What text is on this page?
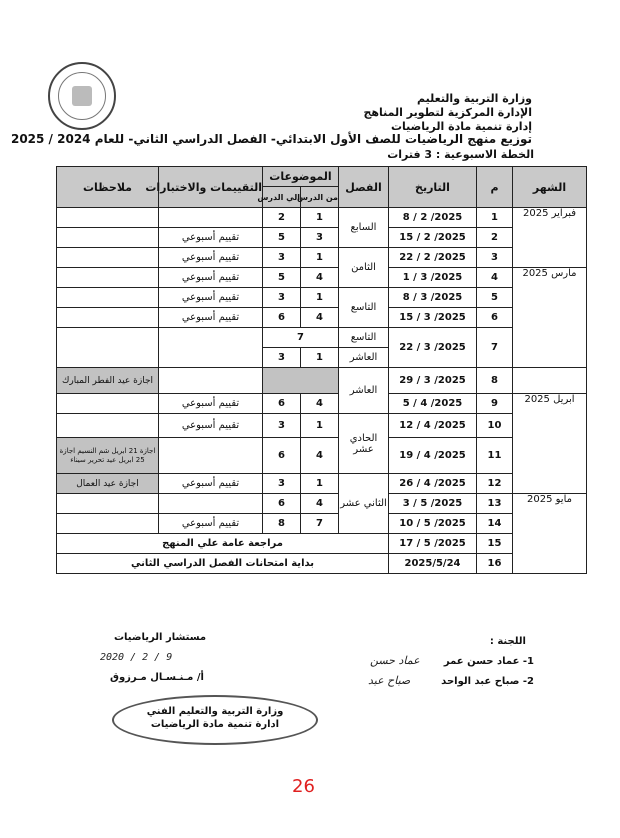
وزارة التربية والتعليم
الإدارة المركزية لتطوير المناهج
إدارة تنمية مادة الرياضيات
توزيع منهج الرياضيات للصف الأول الابتدائي- الفصل الدراسي الثاني- للعام 2024 / 2025
الخطة الاسبوعية : 3 فترات
الشهر	م	التاريخ	الفصل	الموضوعات		التقييمات والاختبارات	ملاحظات
				من الدرس	الي الدرس		
فبراير 2025	1	2025/ 2 / 8	السابع	1	2		
	2	2025/ 2 / 15		3	5	تقييم أسبوعي	
	3	2025/ 2 / 22	الثامن	1	3	تقييم أسبوعي	
مارس 2025	4	2025/ 3 / 1		4	5	تقييم أسبوعي	
	5	2025/ 3 / 8	التاسع	1	3	تقييم أسبوعي	
	6	2025/ 3 / 15		4	6	تقييم أسبوعي	
	7	2025/ 3 / 22	التاسع	7			
			العاشر	1	3		
	8	2025/ 3 / 29	العاشر				اجازة عيد الفطر المبارك
ابريل 2025	9	2025/ 4 / 5		4	6	تقييم أسبوعي	
	10	2025/ 4 / 12	الحادي عشر	1	3	تقييم أسبوعي	
	11	2025/ 4 / 19		4	6		اجازة 21 ابريل شم النسيم اجازة 25 ابريل عيد تحرير سيناء
	12	2025/ 4 / 26	الثاني عشر	1	3	تقييم أسبوعي	اجازة عيد العمال
مايو 2025	13	2025/ 5 / 3		4	6		
	14	2025/ 5 / 10		7	8	تقييم أسبوعي	
	15	2025/ 5 / 17	مراجعة عامة علي المنهج				
	16	2025/5/24	بداية امتحانات الفصل الدراسي الثاني				
اللجنة :
1- عماد حسن عمر
2- صباح عبد الواحد
عماد حسن
صباح عبد
مستشار الرياضيات
2020 / 2 / 9
أ/ مـنـسـال مـرزوق
وزارة التربية والتعليم الفني
ادارة تنمية مادة الرياضيات
26
